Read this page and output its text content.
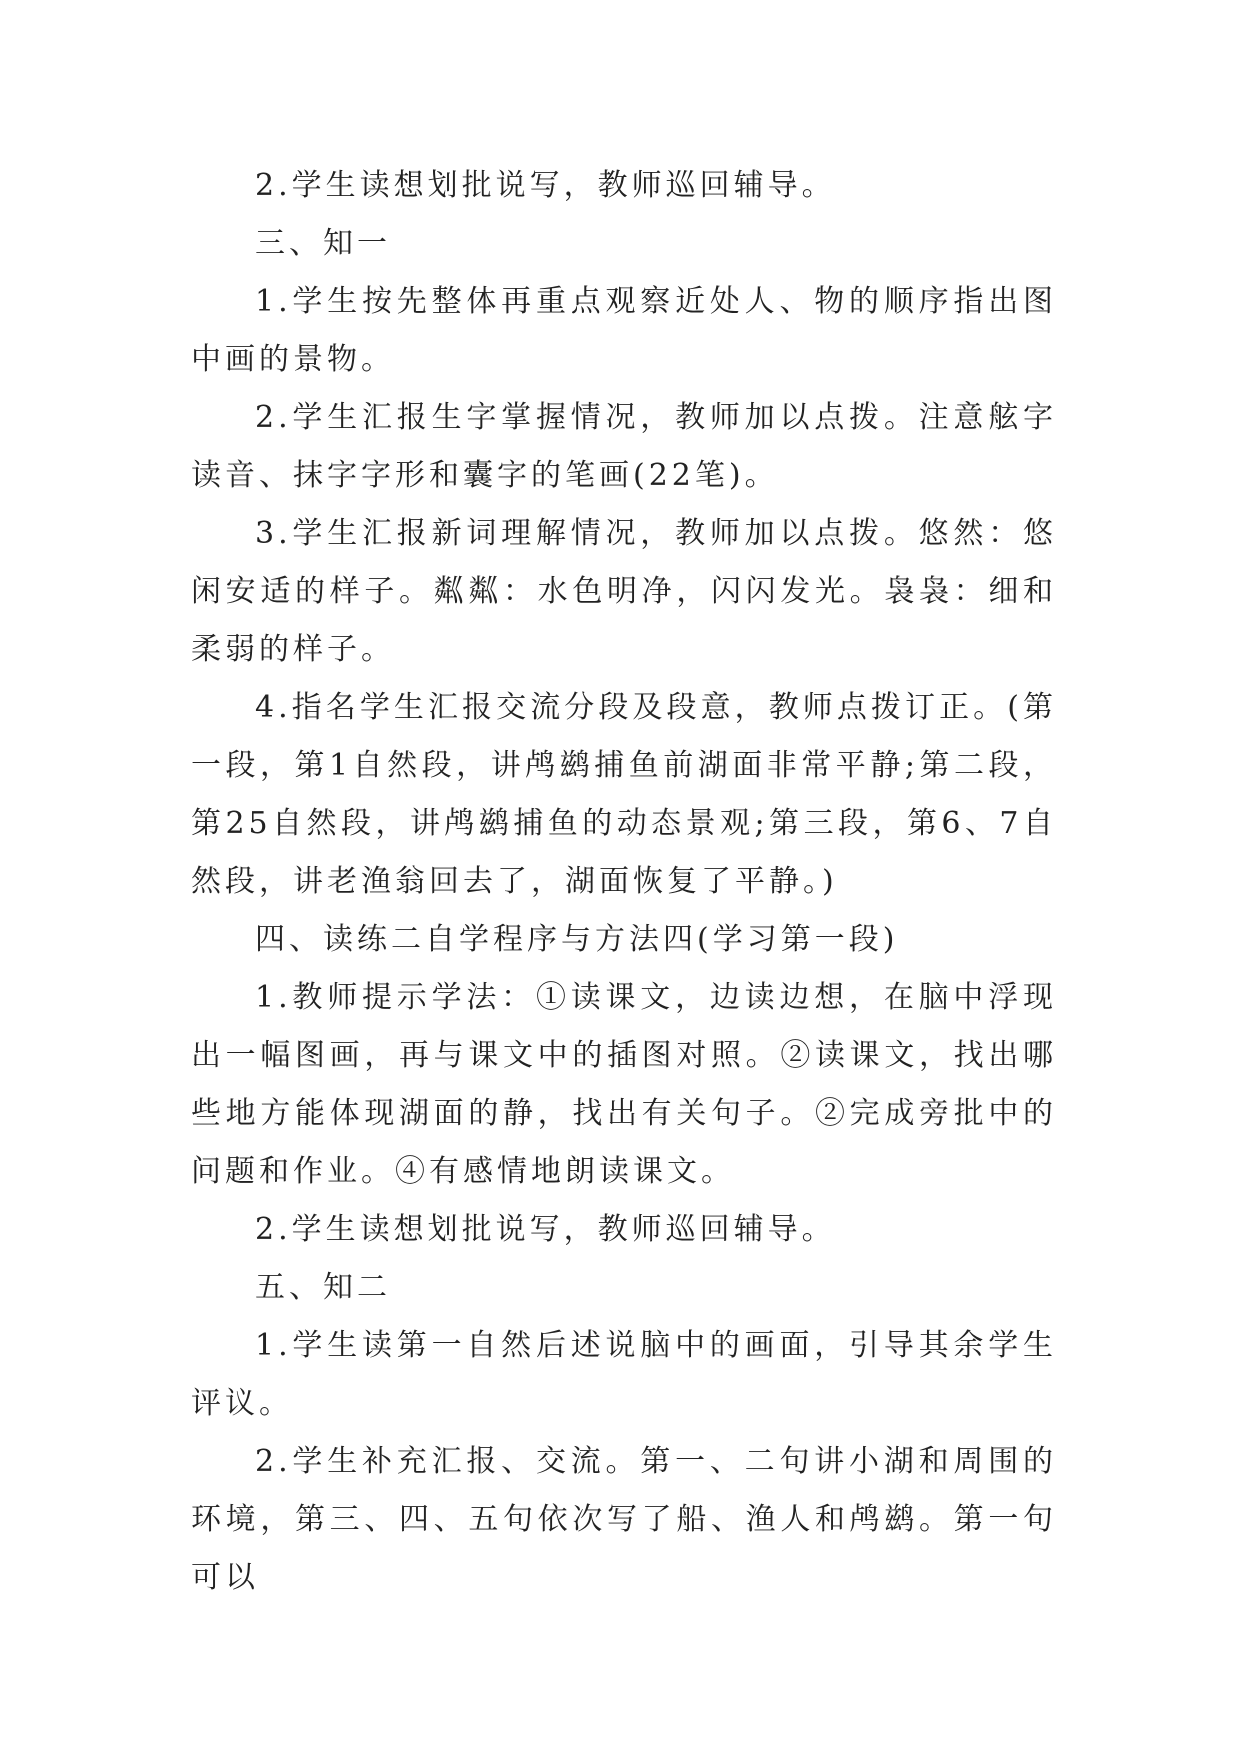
2.学生读想划批说写，教师巡回辅导。

三、知一

1.学生按先整体再重点观察近处人、物的顺序指出图中画的景物。

2.学生汇报生字掌握情况，教师加以点拨。注意舷字读音、抹字字形和囊字的笔画(22笔)。

3.学生汇报新词理解情况，教师加以点拨。悠然：悠闲安适的样子。粼粼：水色明净，闪闪发光。袅袅：细和柔弱的样子。

4.指名学生汇报交流分段及段意，教师点拨订正。(第一段，第1自然段，讲鸬鹚捕鱼前湖面非常平静;第二段，第25自然段，讲鸬鹚捕鱼的动态景观;第三段，第6、7自然段，讲老渔翁回去了，湖面恢复了平静。)

四、读练二自学程序与方法四(学习第一段)

1.教师提示学法：①读课文，边读边想，在脑中浮现出一幅图画，再与课文中的插图对照。②读课文，找出哪些地方能体现湖面的静，找出有关句子。②完成旁批中的问题和作业。④有感情地朗读课文。

2.学生读想划批说写，教师巡回辅导。

五、知二

1.学生读第一自然后述说脑中的画面，引导其余学生评议。

2.学生补充汇报、交流。第一、二句讲小湖和周围的环境，第三、四、五句依次写了船、渔人和鸬鹚。第一句可以
